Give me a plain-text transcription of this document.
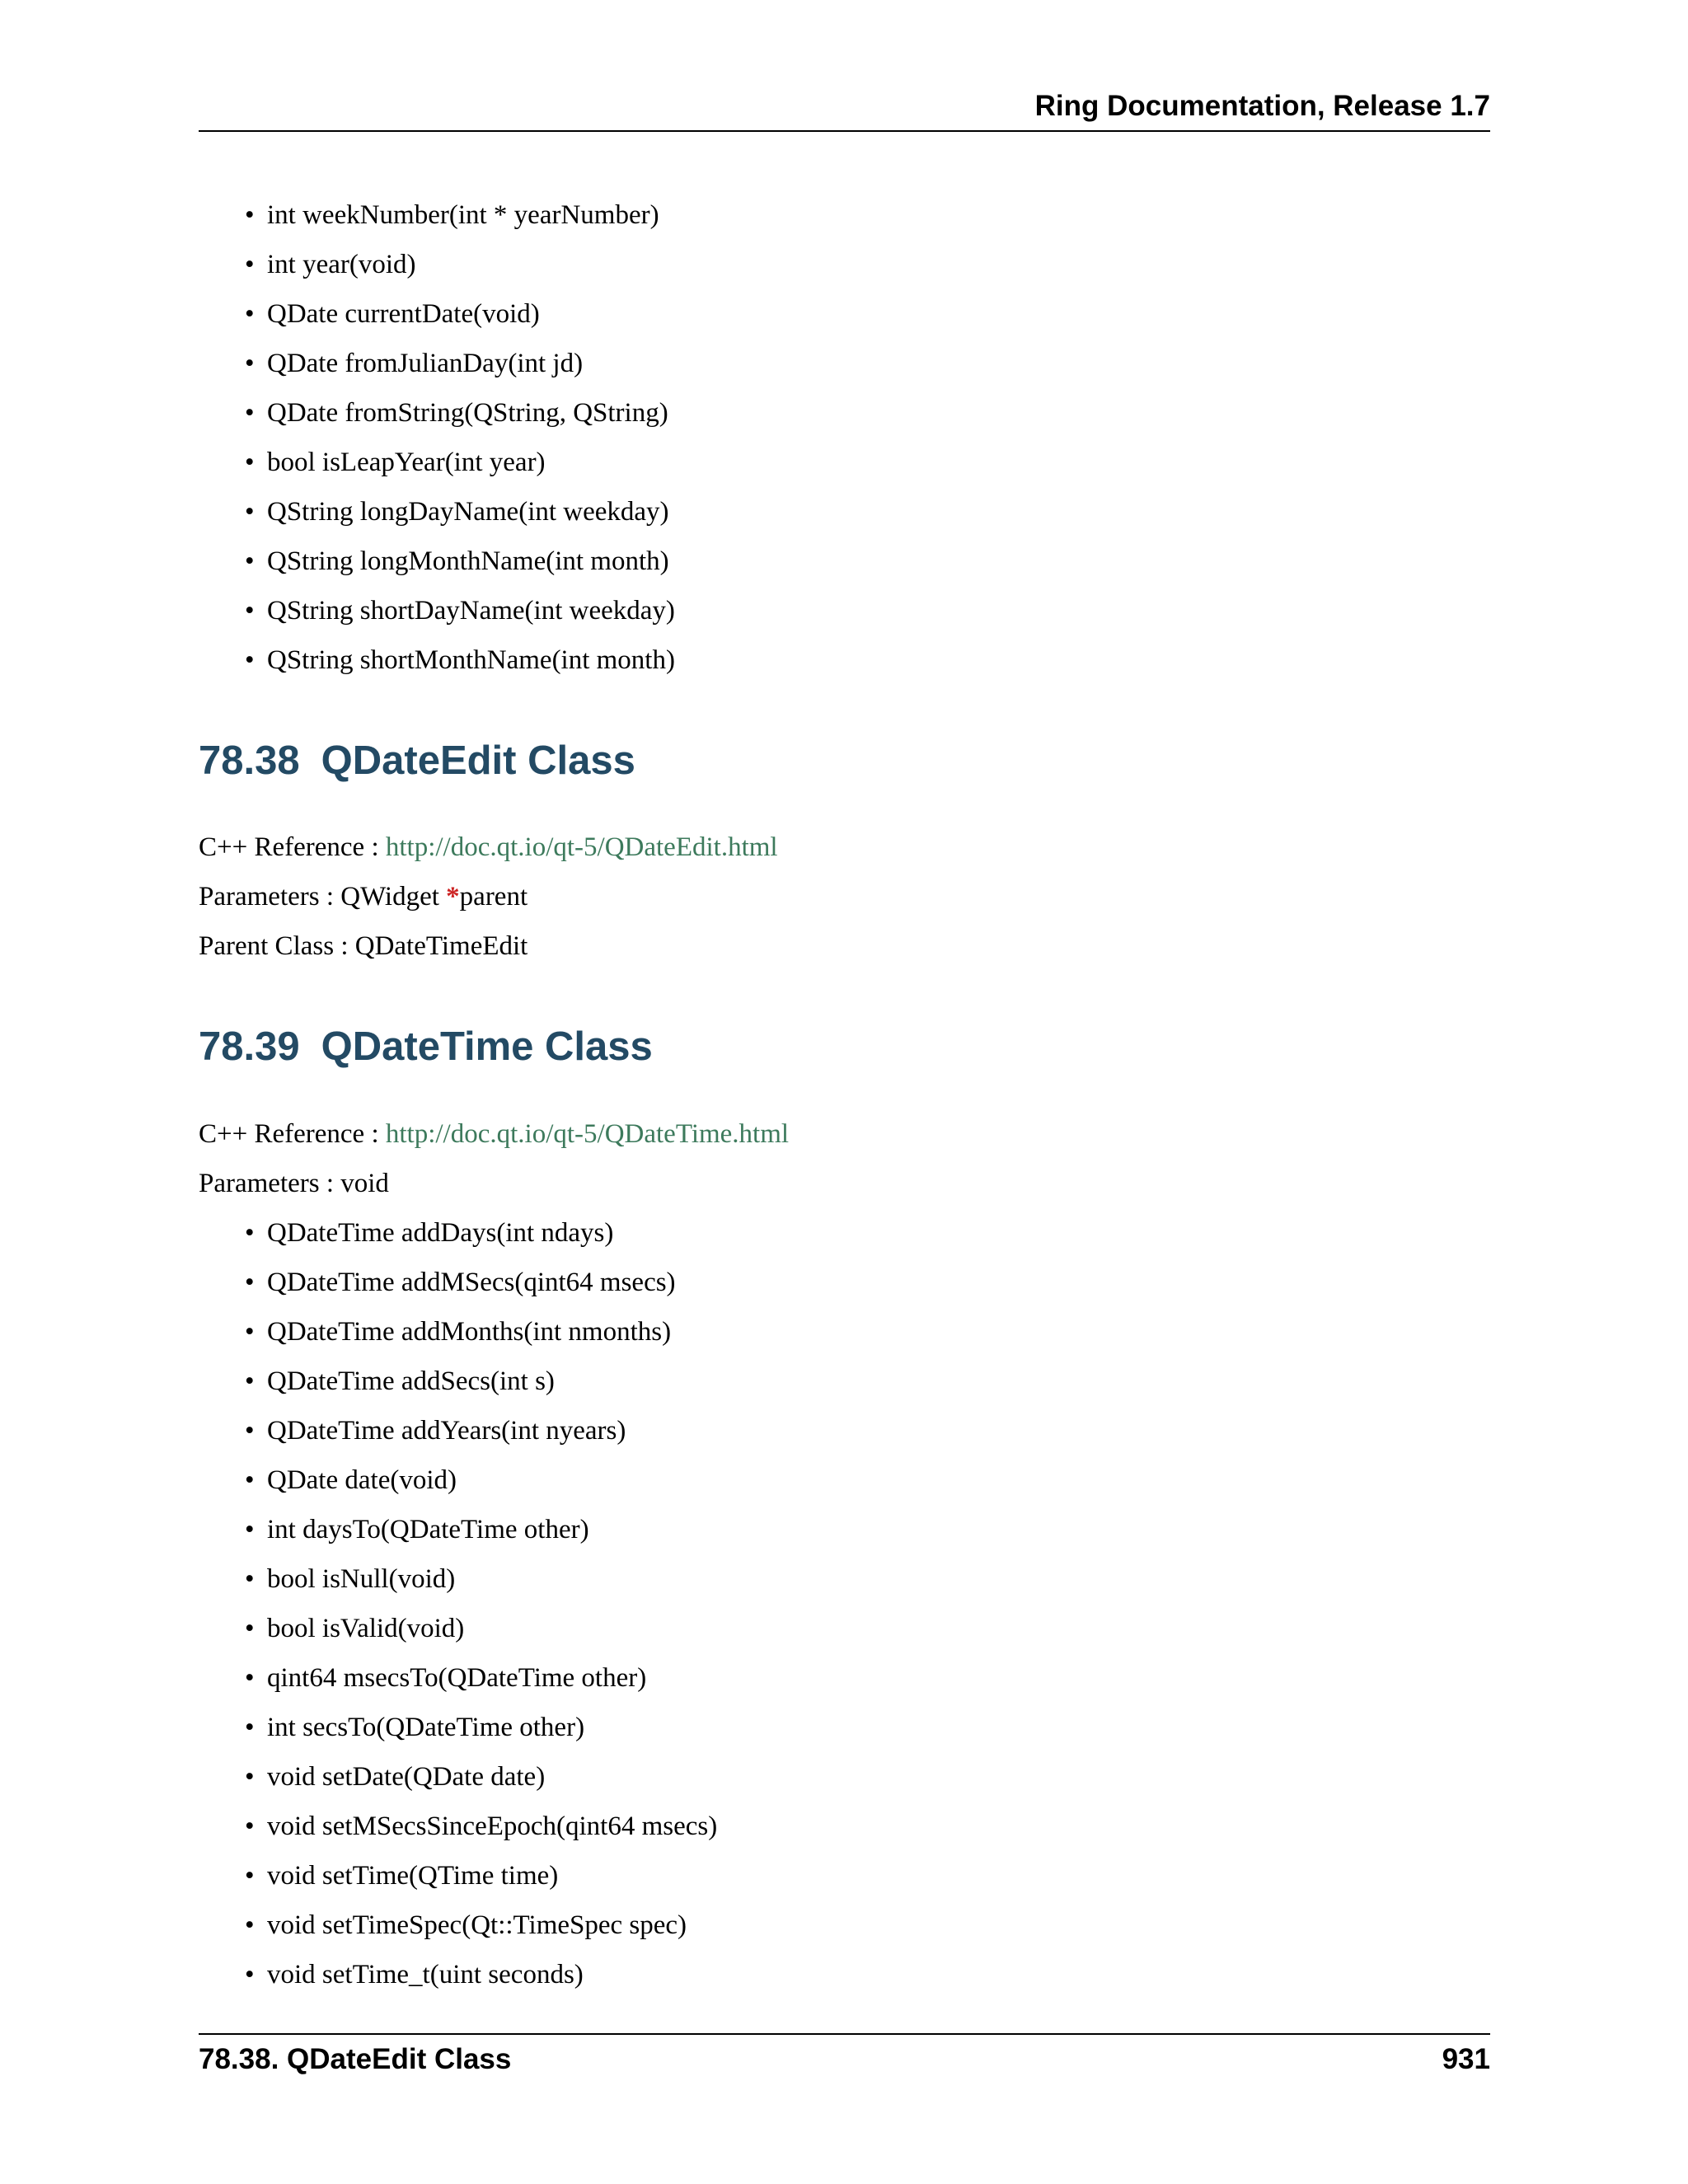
Ring Documentation, Release 1.7
• int weekNumber(int * yearNumber)
• int year(void)
• QDate currentDate(void)
• QDate fromJulianDay(int jd)
• QDate fromString(QString, QString)
• bool isLeapYear(int year)
• QString longDayName(int weekday)
• QString longMonthName(int month)
• QString shortDayName(int weekday)
• QString shortMonthName(int month)
78.38 QDateEdit Class
C++ Reference : http://doc.qt.io/qt-5/QDateEdit.html
Parameters : QWidget *parent
Parent Class : QDateTimeEdit
78.39 QDateTime Class
C++ Reference : http://doc.qt.io/qt-5/QDateTime.html
Parameters : void
• QDateTime addDays(int ndays)
• QDateTime addMSecs(qint64 msecs)
• QDateTime addMonths(int nmonths)
• QDateTime addSecs(int s)
• QDateTime addYears(int nyears)
• QDate date(void)
• int daysTo(QDateTime other)
• bool isNull(void)
• bool isValid(void)
• qint64 msecsTo(QDateTime other)
• int secsTo(QDateTime other)
• void setDate(QDate date)
• void setMSecsSinceEpoch(qint64 msecs)
• void setTime(QTime time)
• void setTimeSpec(Qt::TimeSpec spec)
• void setTime_t(uint seconds)
78.38. QDateEdit Class	931
